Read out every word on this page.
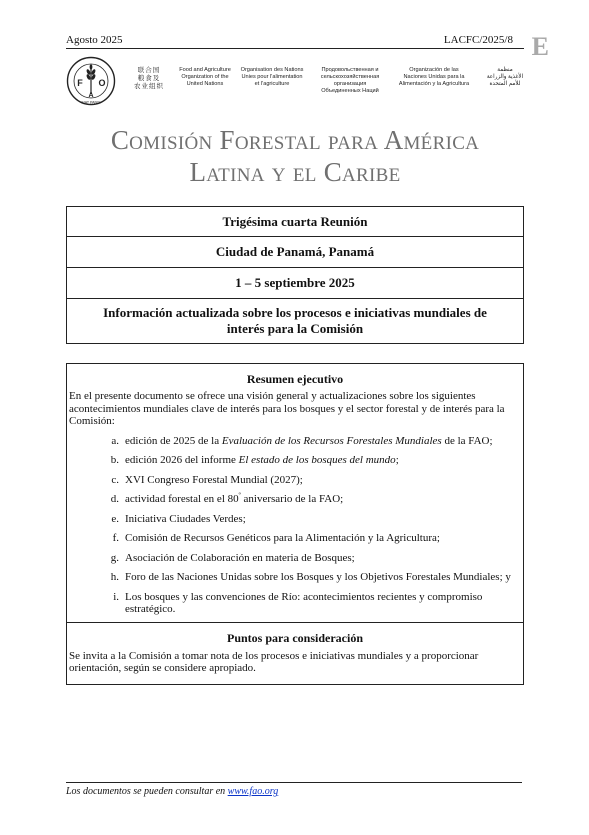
Agosto 2025	LACFC/2025/8 E
F
A
O
FIAT PANIS
联合国
粮食及
农业组织
Food and Agriculture
Organization of the
United Nations
Organisation des Nations
Unies pour l'alimentation
et l'agriculture
Продовольственная и
сельскохозяйственная организация
Объединенных Наций
Organización de las
Naciones Unidas para la
Alimentación y la Agricultura
منظمة
الأغذية والزراعة
للأمم المتحدة
Comisión Forestal para América
Latina y el Caribe
Trigésima cuarta Reunión
Ciudad de Panamá, Panamá
1 – 5 septiembre 2025
Información actualizada sobre los procesos e iniciativas mundiales de interés para la Comisión
Resumen ejecutivo

En el presente documento se ofrece una visión general y actualizaciones sobre los siguientes acontecimientos mundiales clave de interés para los bosques y el sector forestal y de interés para la Comisión:

a. edición de 2025 de la Evaluación de los Recursos Forestales Mundiales de la FAO;
b. edición 2026 del informe El estado de los bosques del mundo;
c. XVI Congreso Forestal Mundial (2027);
d. actividad forestal en el $80^º$ aniversario de la FAO;
e. Iniciativa Ciudades Verdes;
f. Comisión de Recursos Genéticos para la Alimentación y la Agricultura;
g. Asociación de Colaboración en materia de Bosques;
h. Foro de las Naciones Unidas sobre los Bosques y los Objetivos Forestales Mundiales; y
i. Los bosques y las convenciones de Río: acontecimientos recientes y compromiso estratégico.
Puntos para consideración

Se invita a la Comisión a tomar nota de los procesos e iniciativas mundiales y a proporcionar orientación, según se considere apropiado.

Los documentos se pueden consultar en www.fao.org
